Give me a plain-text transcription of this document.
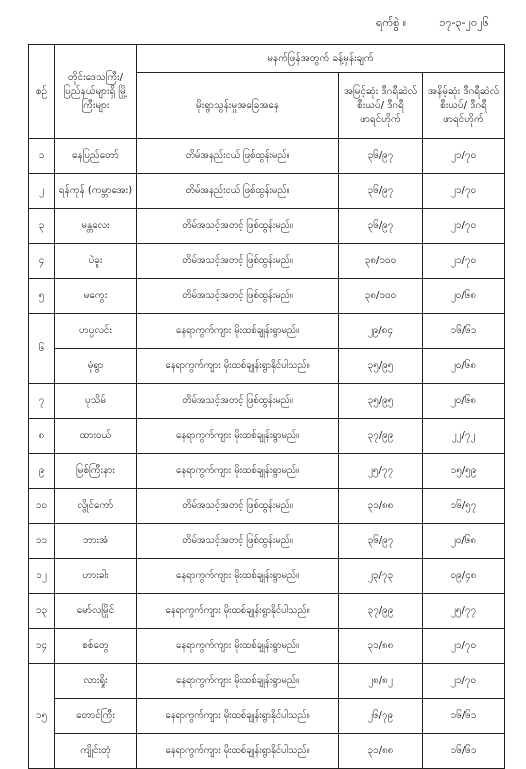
ရက်စွဲ ။	၁၇-၃-၂၀၂၆
စဉ်	တိုင်းဒေသကြီး/ ပြည်နယ်များရှိ မြို့ကြီးများ	မနက်ဖြန်အတွက် ခန့်မှန်းချက်		
		မိုးရွာသွန်းမှုအခြေအနေ	အမြင့်ဆုံး ဒီဂရီဆဲလ်စီးယပ်/ ဒီဂရီဖာရင်ဟိုက်	အနိမ့်ဆုံး ဒီဂရီဆဲလ်စီးယပ်/ ဒီဂရီဖာရင်ဟိုက်
၁	နေပြည်တော်	တိမ်အနည်းငယ် ဖြစ်ထွန်းမည်။	၃၆/၉၇	၂၁/၇၀
၂	ရန်ကုန် (ကမ္ဘာအေး)	တိမ်အနည်းငယ် ဖြစ်ထွန်းမည်။	၃၆/၉၇	၂၁/၇၀
၃	မန္တလေး	တိမ်အသင့်အတင့် ဖြစ်ထွန်းမည်။	၃၆/၉၇	၂၁/၇၀
၄	ပဲခူး	တိမ်အသင့်အတင့် ဖြစ်ထွန်းမည်။	၃၈/၁၀၀	၂၁/၇၀
၅	မကွေး	တိမ်အသင့်အတင့် ဖြစ်ထွန်းမည်။	၃၈/၁၀၀	၂၀/၆၈
၆	ဟပ္ပလင်း	နေရာကွက်ကျား မိုးထစ်ချုန်းရွာမည်။	၂၉/၈၄	၁၆/၆၁
	မုံရွာ	နေရာကွက်ကျား မိုးထစ်ချုန်းရွာနိုင်ပါသည်။	၃၅/၉၅	၂၀/၆၈
၇	ပုသိမ်	တိမ်အသင့်အတင့် ဖြစ်ထွန်းမည်။	၃၅/၉၅	၂၀/၆၈
၈	ထားဝယ်	နေရာကွက်ကျား မိုးထစ်ချုန်းရွာမည်။	၃၇/၉၉	၂၂/၇၂
၉	မြစ်ကြီးနား	နေရာကွက်ကျား မိုးထစ်ချုန်းရွာမည်။	၂၅/၇၇	၁၅/၅၉
၁၀	လွိုင်ကော်	တိမ်အသင့်အတင့် ဖြစ်ထွန်းမည်။	၃၁/၈၈	၁၆/၅၇
၁၁	ဘားအံ	တိမ်အသင့်အတင့် ဖြစ်ထွန်းမည်။	၃၆/၉၇	၂၀/၆၈
၁၂	ဟားခါး	နေရာကွက်ကျား မိုးထစ်ချုန်းရွာမည်။	၂၃/၇၃	၀၉/၄၈
၁၃	မော်လမြိုင်	နေရာကွက်ကျား မိုးထစ်ချုန်းရွာနိုင်ပါသည်။	၃၇/၉၉	၂၅/၇၇
၁၄	စစ်တွေ	နေရာကွက်ကျား မိုးထစ်ချုန်းရွာမည်။	၃၁/၈၈	၂၁/၇၀
၁၅	လားရှိုး	နေရာကွက်ကျား မိုးထစ်ချုန်းရွာမည်။	၂၈/၈၂	၂၁/၇၀
	တောင်ကြီး	နေရာကွက်ကျား မိုးထစ်ချုန်းရွာနိုင်ပါသည်။	၂၆/၇၉	၁၆/၆၁
	ကျိုင်းတုံ	နေရာကွက်ကျား မိုးထစ်ချုန်းရွာနိုင်ပါသည်။	၃၁/၈၈	၁၆/၆၁
